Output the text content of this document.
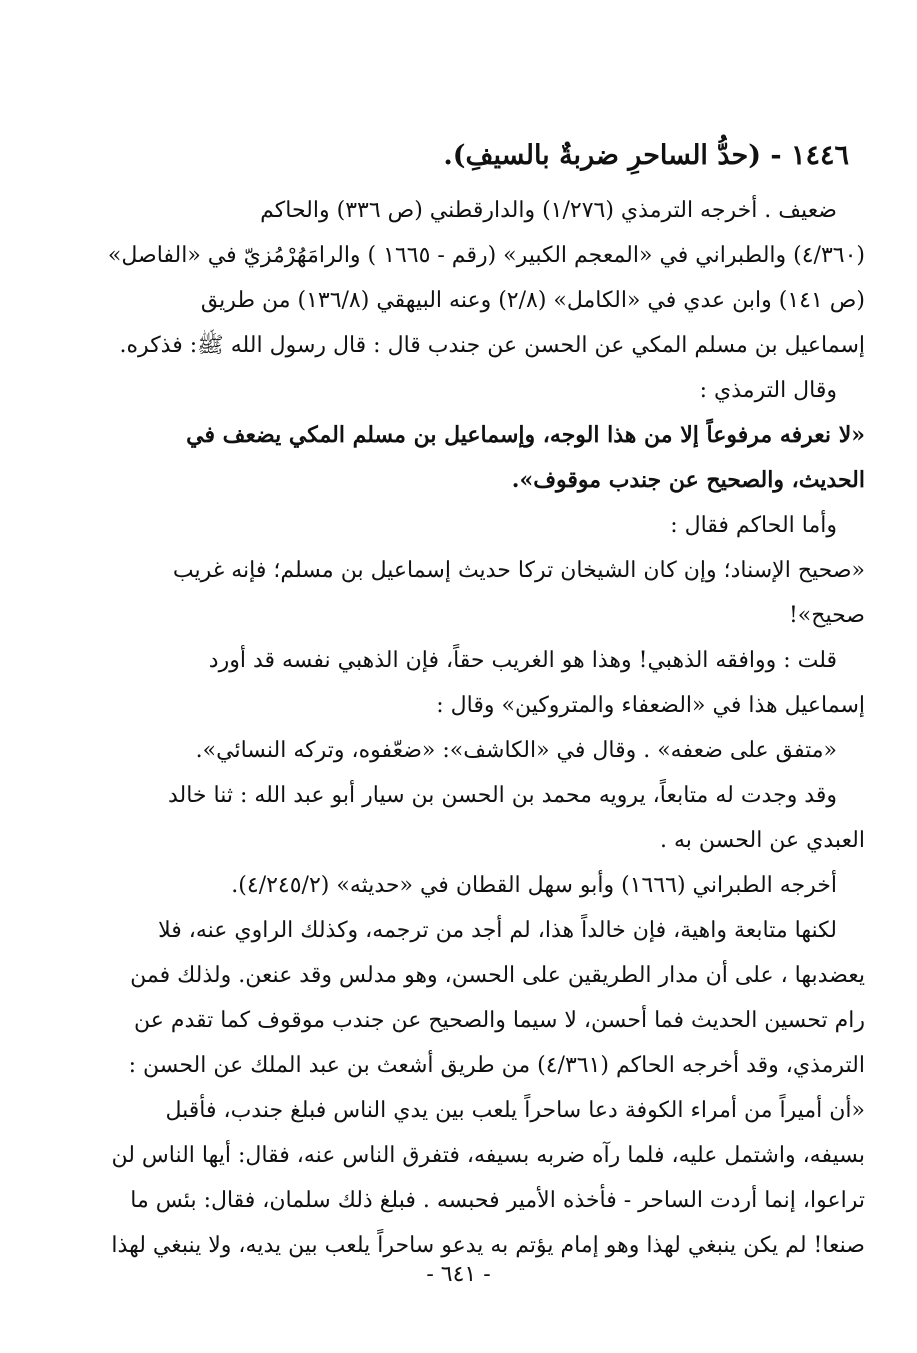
١٤٤٦ - (حدُّ الساحرِ ضربةٌ بالسيفِ).
ضعيف . أخرجه الترمذي (١/٢٧٦) والدارقطني (ص ٣٣٦) والحاكم
(٤/٣٦٠) والطبراني في «المعجم الكبير» (رقم - ١٦٦٥ ) والرامَهُرْمُزيّ في «الفاصل»
(ص ١٤١) وابن عدي في «الكامل» (٢/٨) وعنه البيهقي (١٣٦/٨) من طريق
إسماعيل بن مسلم المكي عن الحسن عن جندب قال : قال رسول الله ﷺ: فذكره.
وقال الترمذي :
«لا نعرفه مرفوعاً إلا من هذا الوجه، وإسماعيل بن مسلم المكي يضعف في
الحديث، والصحيح عن جندب موقوف».
وأما الحاكم فقال :
«صحيح الإسناد؛ وإن كان الشيخان تركا حديث إسماعيل بن مسلم؛ فإنه غريب
صحيح»!
قلت : ووافقه الذهبي! وهذا هو الغريب حقاً، فإن الذهبي نفسه قد أورد
إسماعيل هذا في «الضعفاء والمتروكين» وقال :
«متفق على ضعفه» . وقال في «الكاشف»: «ضعّفوه، وتركه النسائي».
وقد وجدت له متابعاً، يرويه محمد بن الحسن بن سيار أبو عبد الله : ثنا خالد
العبدي عن الحسن به .
أخرجه الطبراني (١٦٦٦) وأبو سهل القطان في «حديثه» (٤/٢٤٥/٢).
لكنها متابعة واهية، فإن خالداً هذا، لم أجد من ترجمه، وكذلك الراوي عنه، فلا
يعضدبها ، على أن مدار الطريقين على الحسن، وهو مدلس وقد عنعن. ولذلك فمن
رام تحسين الحديث فما أحسن، لا سيما والصحيح عن جندب موقوف كما تقدم عن
الترمذي، وقد أخرجه الحاكم (٤/٣٦١) من طريق أشعث بن عبد الملك عن الحسن :
«أن أميراً من أمراء الكوفة دعا ساحراً يلعب بين يدي الناس فبلغ جندب، فأقبل
بسيفه، واشتمل عليه، فلما رآه ضربه بسيفه، فتفرق الناس عنه، فقال: أيها الناس لن
تراعوا، إنما أردت الساحر - فأخذه الأمير فحبسه . فبلغ ذلك سلمان، فقال: بئس ما
صنعا! لم يكن ينبغي لهذا وهو إمام يؤتم به يدعو ساحراً يلعب بين يديه، ولا ينبغي لهذا
- ٦٤١ -
